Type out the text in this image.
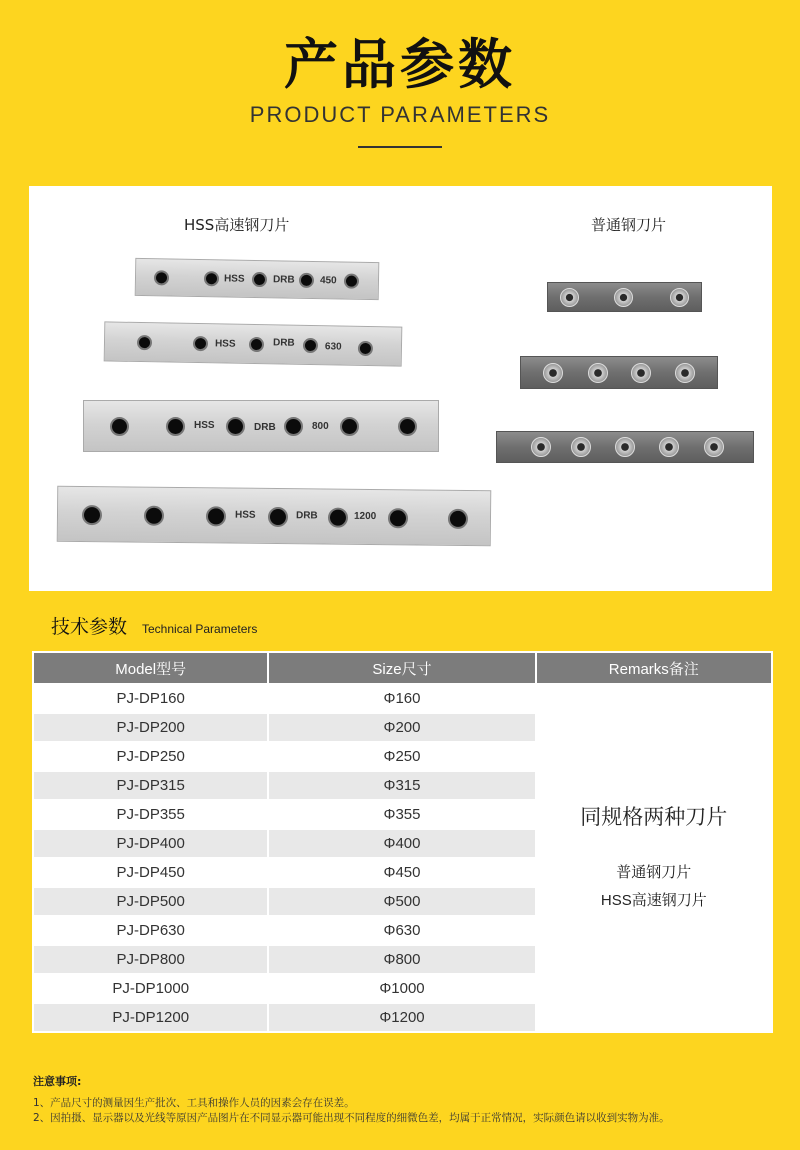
产品参数
PRODUCT PARAMETERS
HSS高速钢刀片	普通钢刀片
HSS	DRB	450
HSS	DRB	630
HSS	DRB	800
HSS	DRB	1200
技术参数 Technical Parameters
Model型号	Size尺寸	Remarks备注
PJ-DP160	Φ160	同规格两种刀片
普通钢刀片
HSS高速钢刀片

PJ-DP200	Φ200	
PJ-DP250	Φ250	
PJ-DP315	Φ315	
PJ-DP355	Φ355	
PJ-DP400	Φ400	
PJ-DP450	Φ450	
PJ-DP500	Φ500	
PJ-DP630	Φ630	
PJ-DP800	Φ800	
PJ-DP1000	Φ1000	
PJ-DP1200	Φ1200	
注意事项:
1、产品尺寸的测量因生产批次、工具和操作人员的因素会存在误差。
2、因拍摄、显示器以及光线等原因产品图片在不同显示器可能出现不同程度的细微色差，均属于正常情况，实际颜色请以收到实物为准。
